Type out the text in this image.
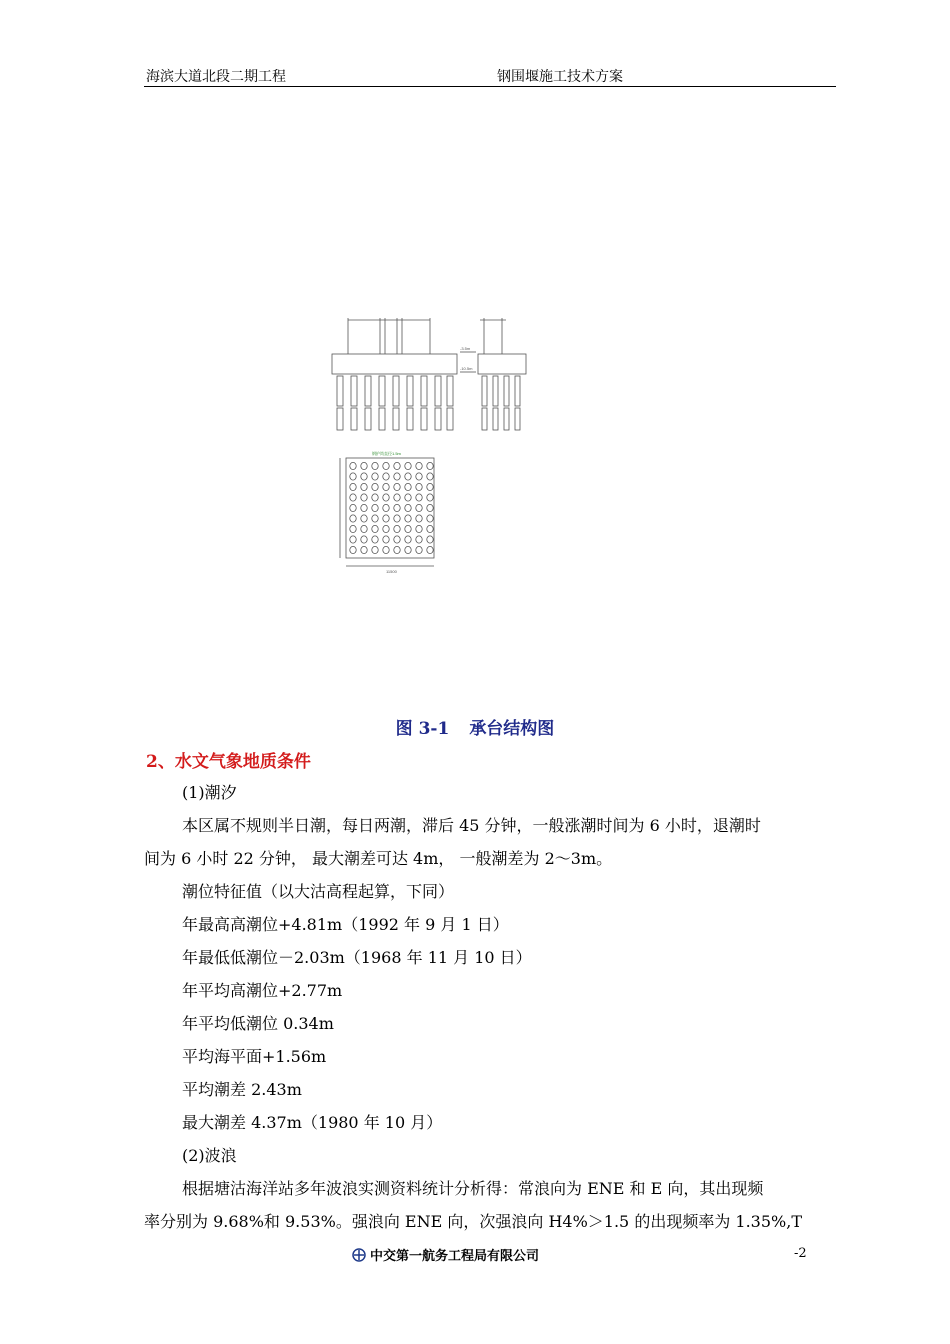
海滨大道北段二期工程	钢围堰施工技术方案
-3.5m
-10.5m
钢护筒直径1.5m
11500
图 3-1 承台结构图
2、水文气象地质条件
(1)潮汐
本区属不规则半日潮，每日两潮，滞后 45 分钟，一般涨潮时间为 6 小时，退潮时
间为 6 小时 22 分钟， 最大潮差可达 4m， 一般潮差为 2～3m。
潮位特征值（以大沽高程起算，下同）
年最高高潮位+4.81m（1992 年 9 月 1 日）
年最低低潮位－2.03m（1968 年 11 月 10 日）
年平均高潮位+2.77m
年平均低潮位 0.34m
平均海平面+1.56m
平均潮差 2.43m
最大潮差 4.37m（1980 年 10 月）
(2)波浪
根据塘沽海洋站多年波浪实测资料统计分析得：常浪向为 ENE 和 E 向，其出现频
率分别为 9.68%和 9.53%。强浪向 ENE 向，次强浪向 H4%＞1.5 的出现频率为 1.35%,T
中交第一航务工程局有限公司	-2
